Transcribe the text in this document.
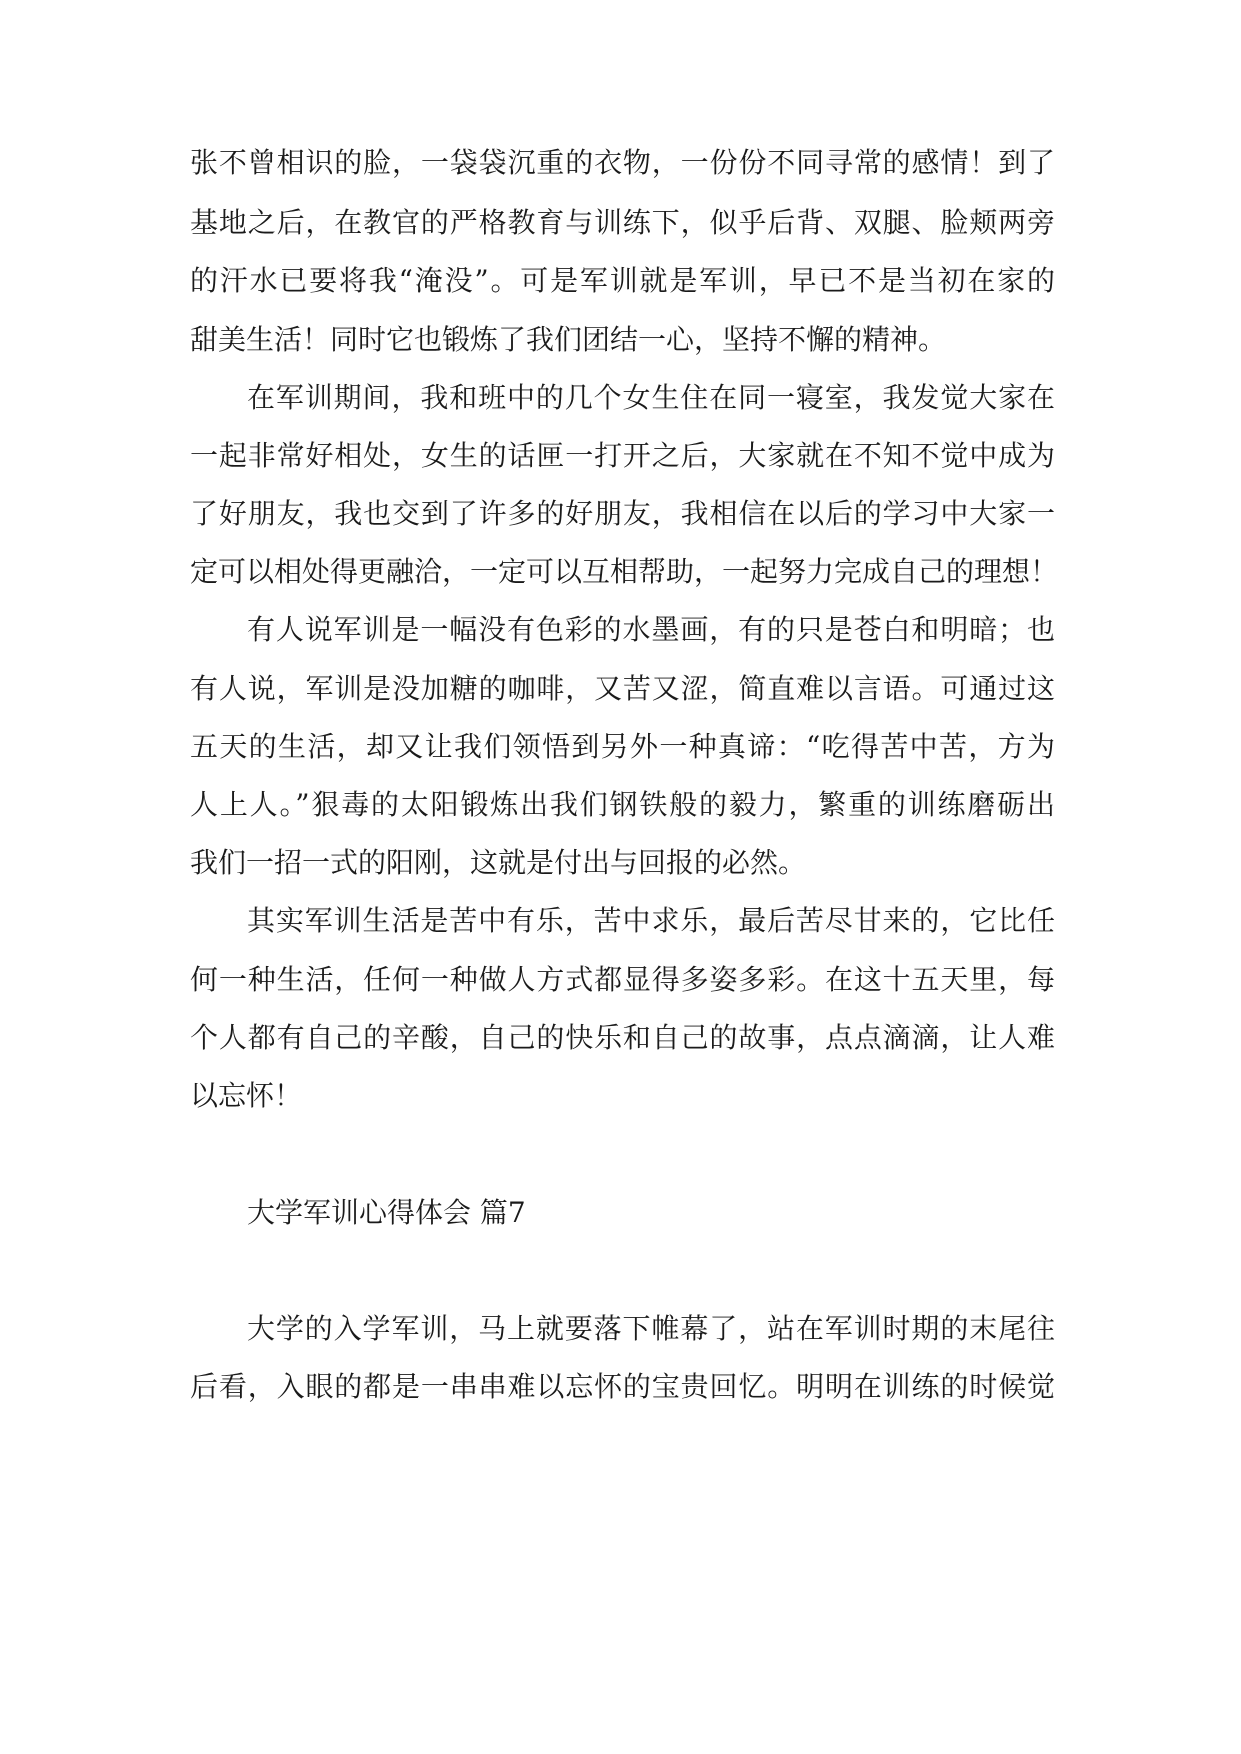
张不曾相识的脸，一袋袋沉重的衣物，一份份不同寻常的感情！到了
基地之后，在教官的严格教育与训练下，似乎后背、双腿、脸颊两旁
的汗水已要将我“淹没”。可是军训就是军训，早已不是当初在家的
甜美生活！同时它也锻炼了我们团结一心，坚持不懈的精神。
在军训期间，我和班中的几个女生住在同一寝室，我发觉大家在
一起非常好相处，女生的话匣一打开之后，大家就在不知不觉中成为
了好朋友，我也交到了许多的好朋友，我相信在以后的学习中大家一
定可以相处得更融洽，一定可以互相帮助，一起努力完成自己的理想！
有人说军训是一幅没有色彩的水墨画，有的只是苍白和明暗；也
有人说，军训是没加糖的咖啡，又苦又涩，简直难以言语。可通过这
五天的生活，却又让我们领悟到另外一种真谛：“吃得苦中苦，方为
人上人。”狠毒的太阳锻炼出我们钢铁般的毅力，繁重的训练磨砺出
我们一招一式的阳刚，这就是付出与回报的必然。
其实军训生活是苦中有乐，苦中求乐，最后苦尽甘来的，它比任
何一种生活，任何一种做人方式都显得多姿多彩。在这十五天里，每
个人都有自己的辛酸，自己的快乐和自己的故事，点点滴滴，让人难
以忘怀！
大学军训心得体会 篇7
大学的入学军训，马上就要落下帷幕了，站在军训时期的末尾往
后看，入眼的都是一串串难以忘怀的宝贵回忆。明明在训练的时候觉
